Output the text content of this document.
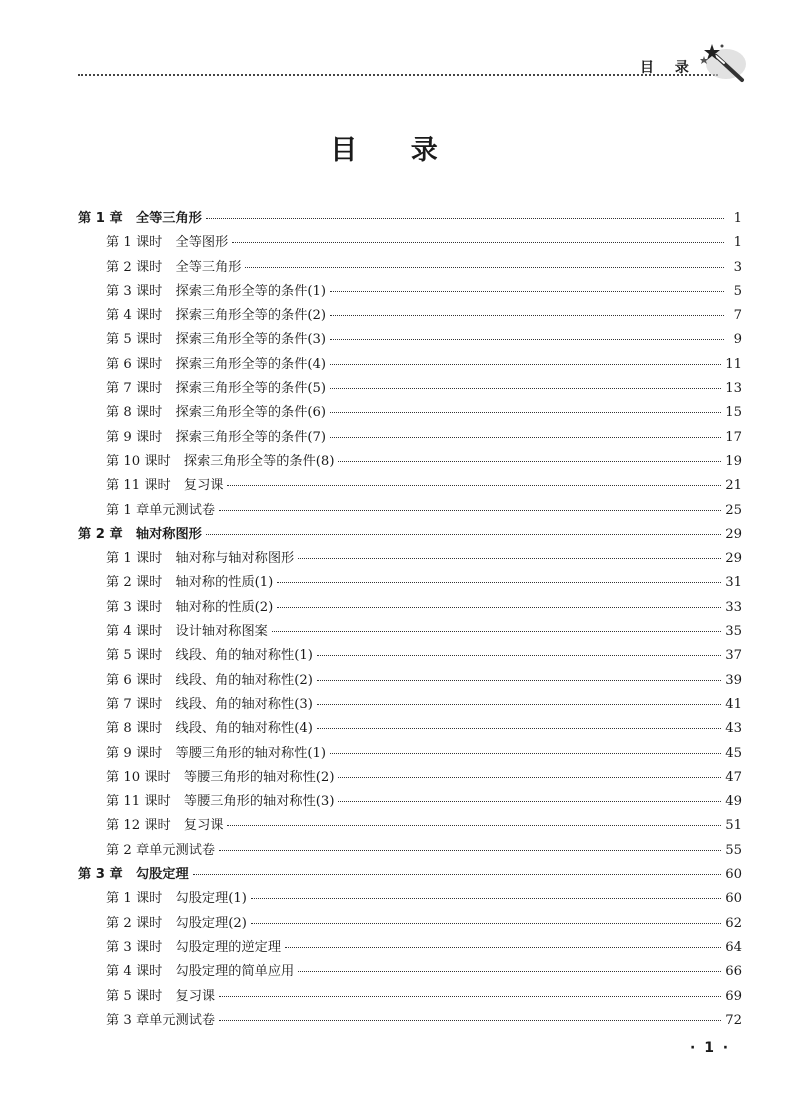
目 录
目 录
第 1 章　全等三角形	1
第 1 课时　全等图形	1
第 2 课时　全等三角形	3
第 3 课时　探索三角形全等的条件(1)	5
第 4 课时　探索三角形全等的条件(2)	7
第 5 课时　探索三角形全等的条件(3)	9
第 6 课时　探索三角形全等的条件(4)	11
第 7 课时　探索三角形全等的条件(5)	13
第 8 课时　探索三角形全等的条件(6)	15
第 9 课时　探索三角形全等的条件(7)	17
第 10 课时　探索三角形全等的条件(8)	19
第 11 课时　复习课	21
第 1 章单元测试卷	25
第 2 章　轴对称图形	29
第 1 课时　轴对称与轴对称图形	29
第 2 课时　轴对称的性质(1)	31
第 3 课时　轴对称的性质(2)	33
第 4 课时　设计轴对称图案	35
第 5 课时　线段、角的轴对称性(1)	37
第 6 课时　线段、角的轴对称性(2)	39
第 7 课时　线段、角的轴对称性(3)	41
第 8 课时　线段、角的轴对称性(4)	43
第 9 课时　等腰三角形的轴对称性(1)	45
第 10 课时　等腰三角形的轴对称性(2)	47
第 11 课时　等腰三角形的轴对称性(3)	49
第 12 课时　复习课	51
第 2 章单元测试卷	55
第 3 章　勾股定理	60
第 1 课时　勾股定理(1)	60
第 2 课时　勾股定理(2)	62
第 3 课时　勾股定理的逆定理	64
第 4 课时　勾股定理的简单应用	66
第 5 课时　复习课	69
第 3 章单元测试卷	72
· 1 ·
